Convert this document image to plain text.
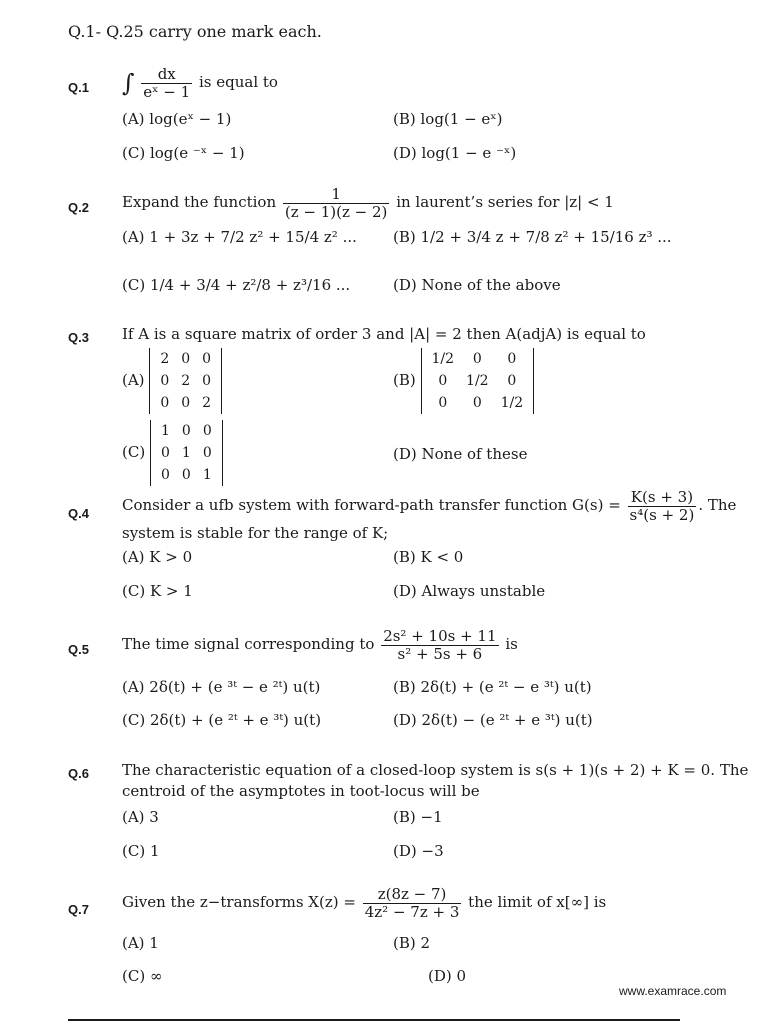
Q.1- Q.25 carry one mark each.
Q.1 ∫ $\frac{dx}{\text{eˣ − 1}}$ is equal to
(A) log(eˣ − 1)	(B) log(1 − eˣ)
(C) log(e ⁻ˣ − 1)	(D) log(1 − e ⁻ˣ)
Q.2 Expand the function $\frac{1}{(z - 1)(z - 2)}$ in laurent’s series for |z| < 1
(A) 1 + 3z + 7/2 z² + 15/4 z² ... (B) 1/2 + 3/4 z + 7/8 z² + 15/16 z³ ...
(C) 1/4 + 3/4 + z²/8 + z³/16 ...	(D) None of the above
Q.3 If A is a square matrix of order 3 and |A| = 2 then A(adjA) is equal to
(A)
2	0	0
0	2	0
0	0	2
(B)
1/2	0	0
0	1/2	0
0	0	1/2
(C)
1	0	0
0	1	0
0	0	1
(D) None of these
Q.4 Consider a ufb system with forward-path transfer function $G(s) = \frac{K(s + 3)}{\text{s⁴(s + 2)}}$ . The
system is stable for the range of K;
(A) K > 0	(B) K < 0
(C) K > 1	(D) Always unstable
Q.5 The time signal corresponding to $\frac{\text{2s² + 10s + 11}}{\text{s² + 5s + 6}}$ is
(A) 2δ(t) + (e ³ᵗ − e ²ᵗ) u(t)	(B) 2δ(t) + (e ²ᵗ − e ³ᵗ) u(t)
(C) 2δ(t) + (e ²ᵗ + e ³ᵗ) u(t)	(D) 2δ(t) − (e ²ᵗ + e ³ᵗ) u(t)
Q.6 The characteristic equation of a closed-loop system is s(s + 1)(s + 2) + K = 0. The
centroid of the asymptotes in toot-locus will be
(A) 3	(B) −1
(C) 1	(D) −3
Q.7 Given the z−transforms $X(z) = \frac{z(8z - 7)}{\text{4z² − 7z + 3}}$ the limit of x[∞] is
(A) 1	(B) 2
(C) ∞	(D) 0
www.examrace.com
